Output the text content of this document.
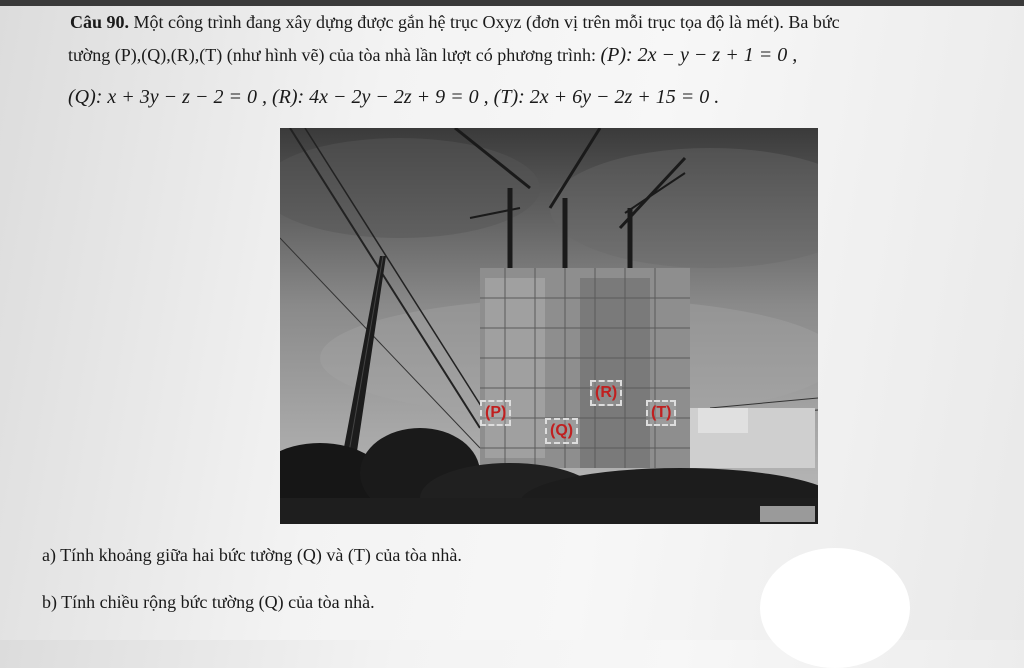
Câu 90. Một công trình đang xây dựng được gắn hệ trục Oxyz (đơn vị trên mỗi trục tọa độ là mét). Ba bức
tường (P),(Q),(R),(T) (như hình vẽ) của tòa nhà lần lượt có phương trình: (P): 2x − y − z + 1 = 0 ,
(Q): x + 3y − z − 2 = 0 , (R): 4x − 2y − 2z + 9 = 0 , (T): 2x + 6y − 2z + 15 = 0 .
(P)
(Q)
(R)
(T)
a) Tính khoảng giữa hai bức tường (Q) và (T) của tòa nhà.
b) Tính chiều rộng bức tường (Q) của tòa nhà.
